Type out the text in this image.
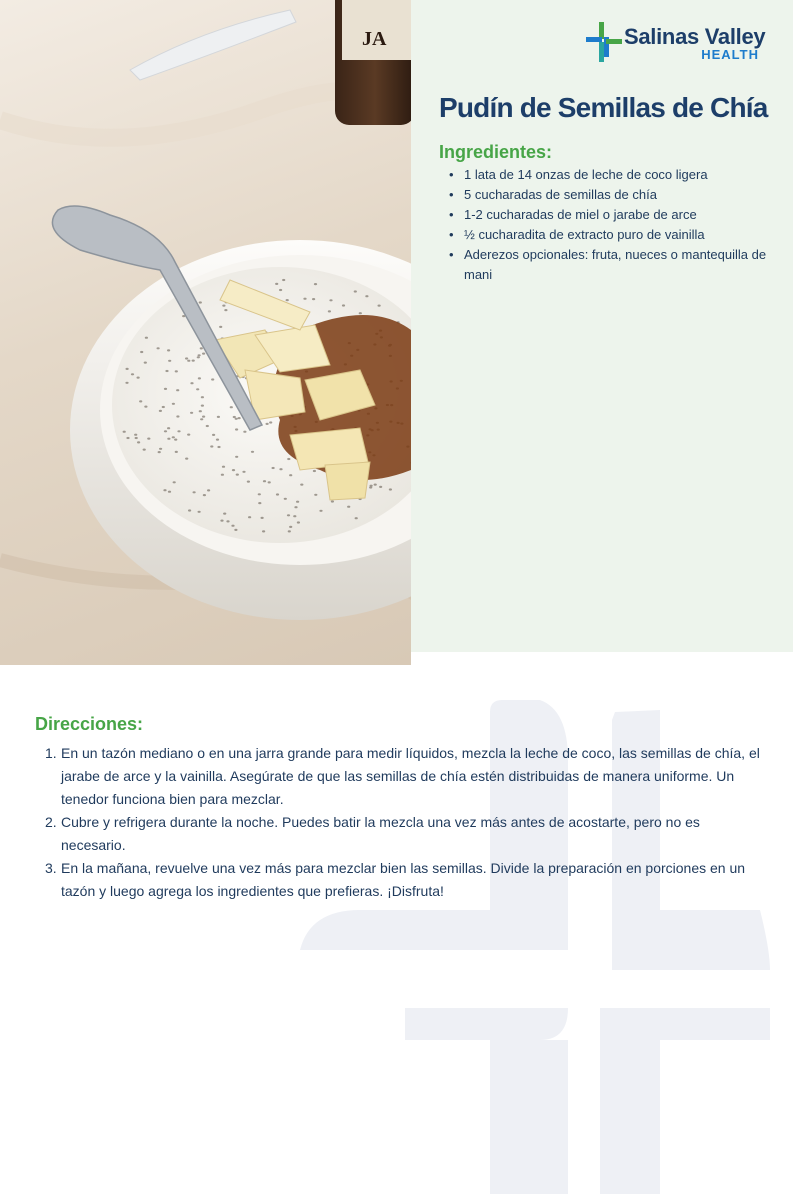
JA	Salinas Valley
HEALTH
Pudín de Semillas de Chía
Ingredientes:
• 1 lata de 14 onzas de leche de coco ligera
• 5 cucharadas de semillas de chía
• 1-2 cucharadas de miel o jarabe de arce
• ½ cucharadita de extracto puro de vainilla
• Aderezos opcionales: fruta, nueces o mantequilla de mani
Direcciones:
1. En un tazón mediano o en una jarra grande para medir líquidos, mezcla la leche de coco, las semillas de chía, el jarabe de arce y la vainilla. Asegúrate de que las semillas de chía estén distribuidas de manera uniforme. Un tenedor funciona bien para mezclar.
2. Cubre y refrigera durante la noche. Puedes batir la mezcla una vez más antes de acostarte, pero no es necesario.
3. En la mañana, revuelve una vez más para mezclar bien las semillas. Divide la preparación en porciones en un tazón y luego agrega los ingredientes que prefieras. ¡Disfruta!
